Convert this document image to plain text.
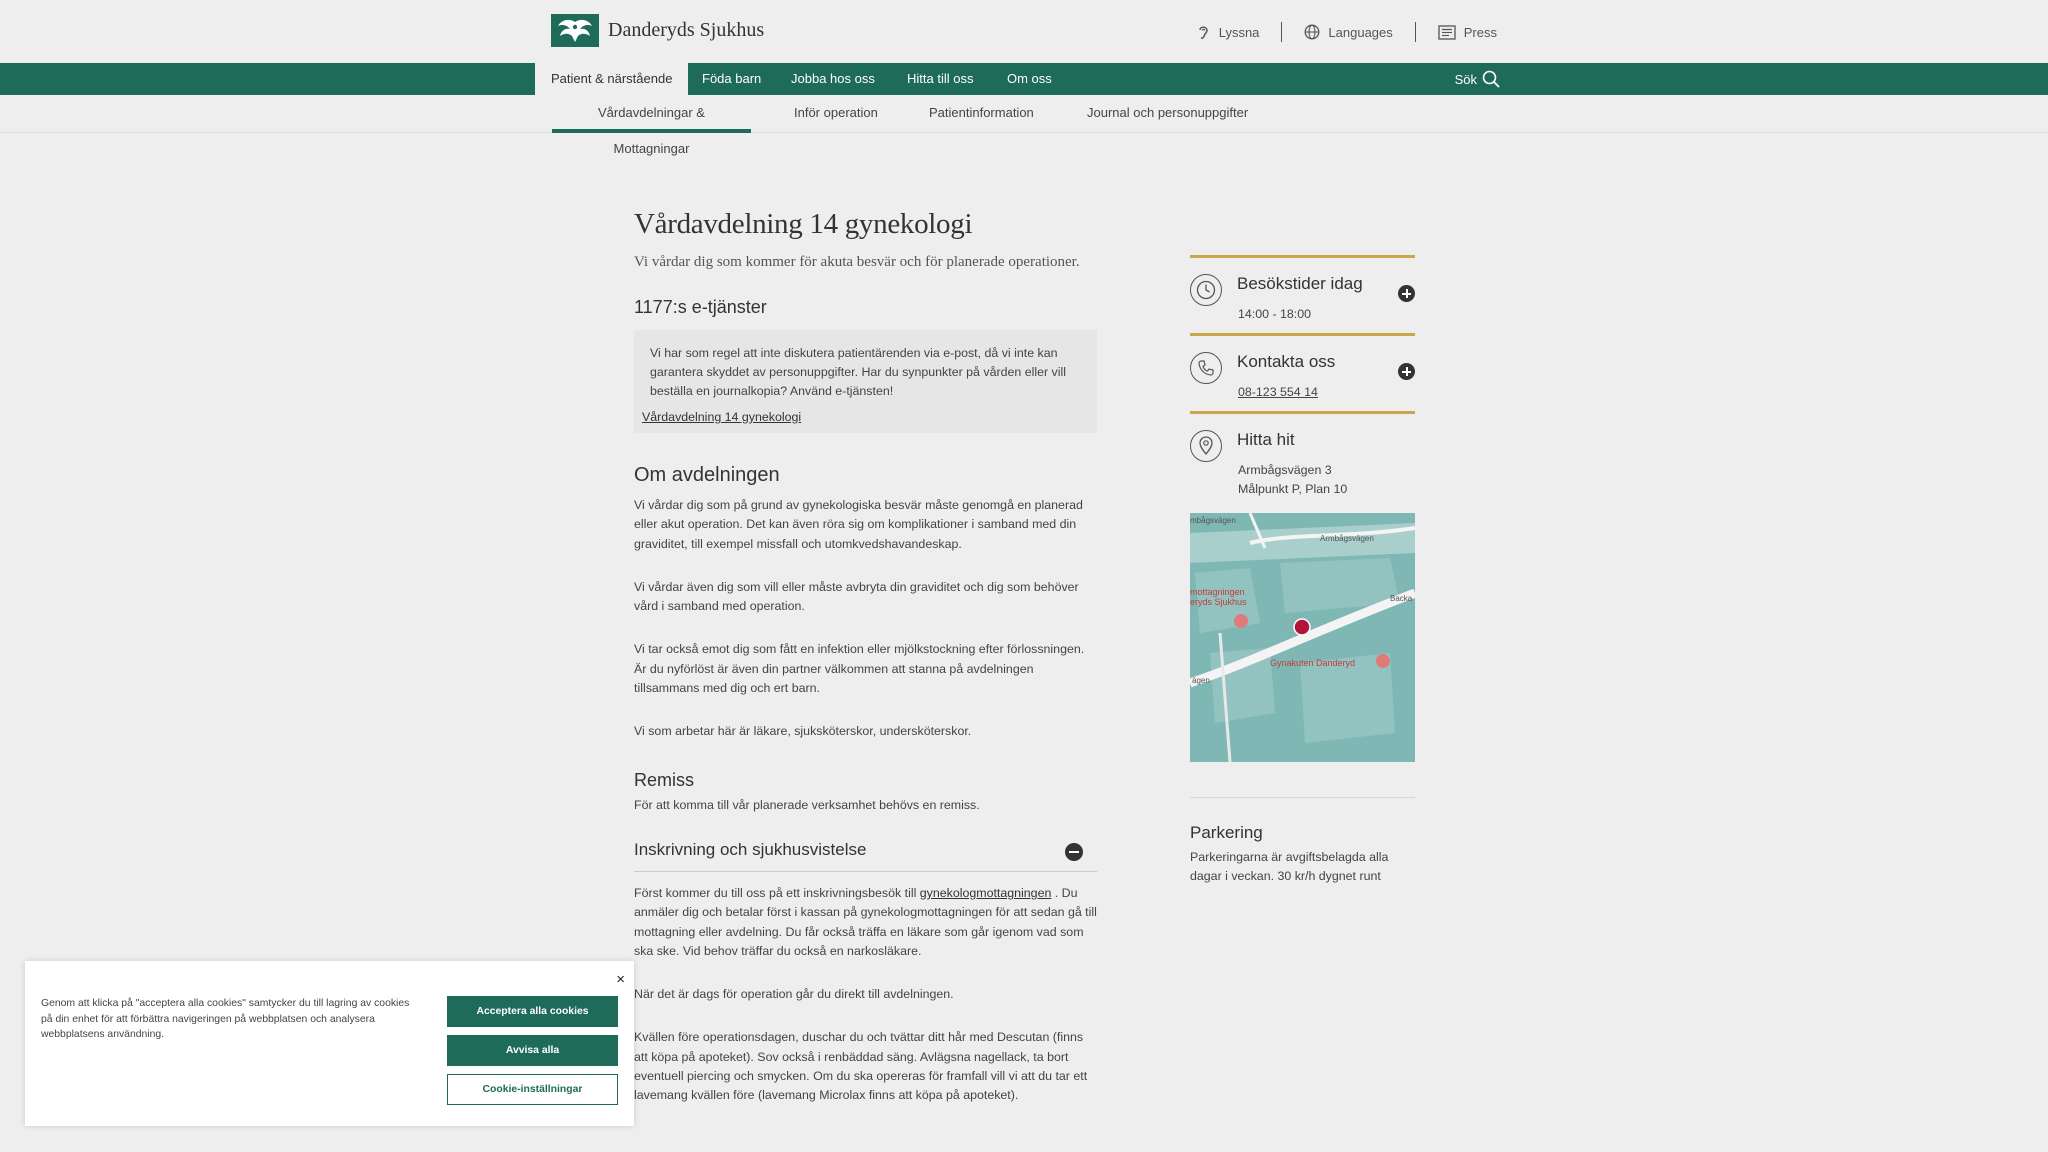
Danderyds Sjukhus	Lyssna	Languages	Press
Patient & närstående	Föda barn	Jobba hos oss	Hitta till oss	Om oss	Sök
Vårdavdelningar & Mottagningar
Inför operation	Patientinformation	Journal och personuppgifter
Vårdavdelning 14 gynekologi

Vi vårdar dig som kommer för akuta besvär och för planerade operationer.

1177:s e-tjänster

Vi har som regel att inte diskutera patientärenden via e-post, då vi inte kan garantera skyddet av personuppgifter. Har du synpunkter på vården eller vill beställa en journalkopia? Använd e-tjänsten!

Vårdavdelning 14 gynekologi
Om avdelningen

Vi vårdar dig som på grund av gynekologiska besvär måste genomgå en planerad eller akut operation. Det kan även röra sig om komplikationer i samband med din graviditet, till exempel missfall och utomkvedshavandeskap.

Vi vårdar även dig som vill eller måste avbryta din graviditet och dig som behöver vård i samband med operation.

Vi tar också emot dig som fått en infektion eller mjölkstockning efter förlossningen. Är du nyförlöst är även din partner välkommen att stanna på avdelningen tillsammans med dig och ert barn.

Vi som arbetar här är läkare, sjuksköterskor, undersköterskor.

Remiss

För att komma till vår planerade verksamhet behövs en remiss.

Inskrivning och sjukhusvistelse

Först kommer du till oss på ett inskrivningsbesök till gynekologmottagningen . Du anmäler dig och betalar först i kassan på gynekologmottagningen för att sedan gå till mottagning eller avdelning. Du får också träffa en läkare som går igenom vad som ska ske. Vid behov träffar du också en narkosläkare.

När det är dags för operation går du direkt till avdelningen.

Kvällen före operationsdagen, duschar du och tvättar ditt hår med Descutan (finns att köpa på apoteket). Sov också i renbäddad säng. Avlägsna nagellack, ta bort eventuell piercing och smycken. Om du ska opereras för framfall vill vi att du tar ett lavemang kvällen före (lavemang Microlax finns att köpa på apoteket).

Besökstider idag
14:00 - 18:00
Kontakta oss
08-123 554 14
Hitta hit
Armbågsvägen 3
Målpunkt P, Plan 10
mbågsvägen
Armbågsvägen
mottagningen
eryds Sjukhus
Gynakuten Danderyd
Backa
ägen
Parkering
Parkeringarna är avgiftsbelagda alla dagar i veckan. 30 kr/h dygnet runt
×

Genom att klicka på "acceptera alla cookies" samtycker du till lagring av cookies på din enhet för att förbättra navigeringen på webbplatsen och analysera webbplatsens användning.

Acceptera alla cookies
Avvisa alla
Cookie-inställningar
